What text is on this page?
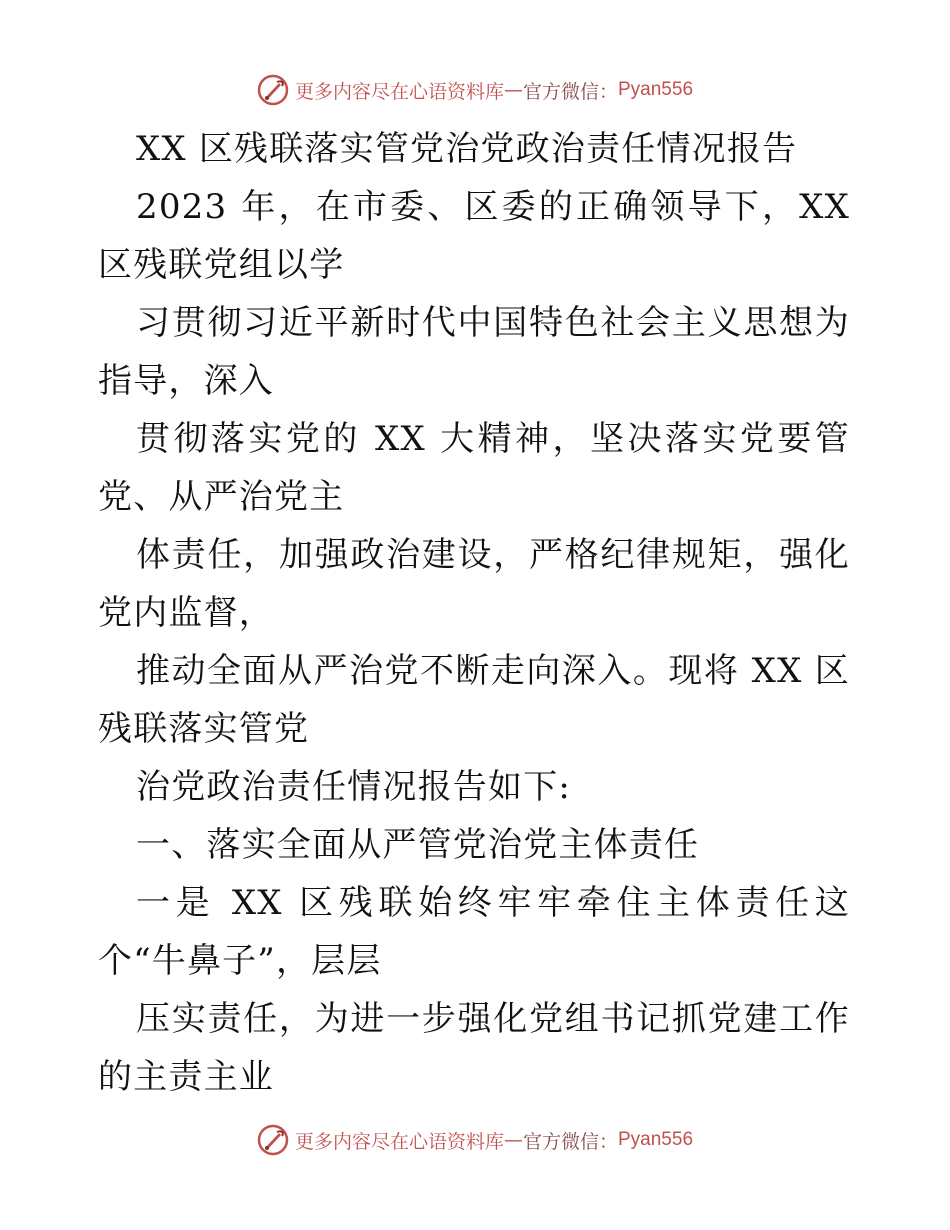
更多内容尽在心语资料库 — 官方微信： Pyan556

XX 区残联落实管党治党政治责任情况报告

2023 年，在市委、区委的正确领导下，XX 区残联党组以学

习贯彻习近平新时代中国特色社会主义思想为指导，深入

贯彻落实党的 XX 大精神，坚决落实党要管党、从严治党主

体责任，加强政治建设，严格纪律规矩，强化党内监督，

推动全面从严治党不断走向深入。现将 XX 区残联落实管党

治党政治责任情况报告如下:

一、落实全面从严管党治党主体责任

一是 XX 区残联始终牢牢牵住主体责任这个“牛鼻子”，层层

压实责任，为进一步强化党组书记抓党建工作的主责主业

更多内容尽在心语资料库 — 官方微信： Pyan556
